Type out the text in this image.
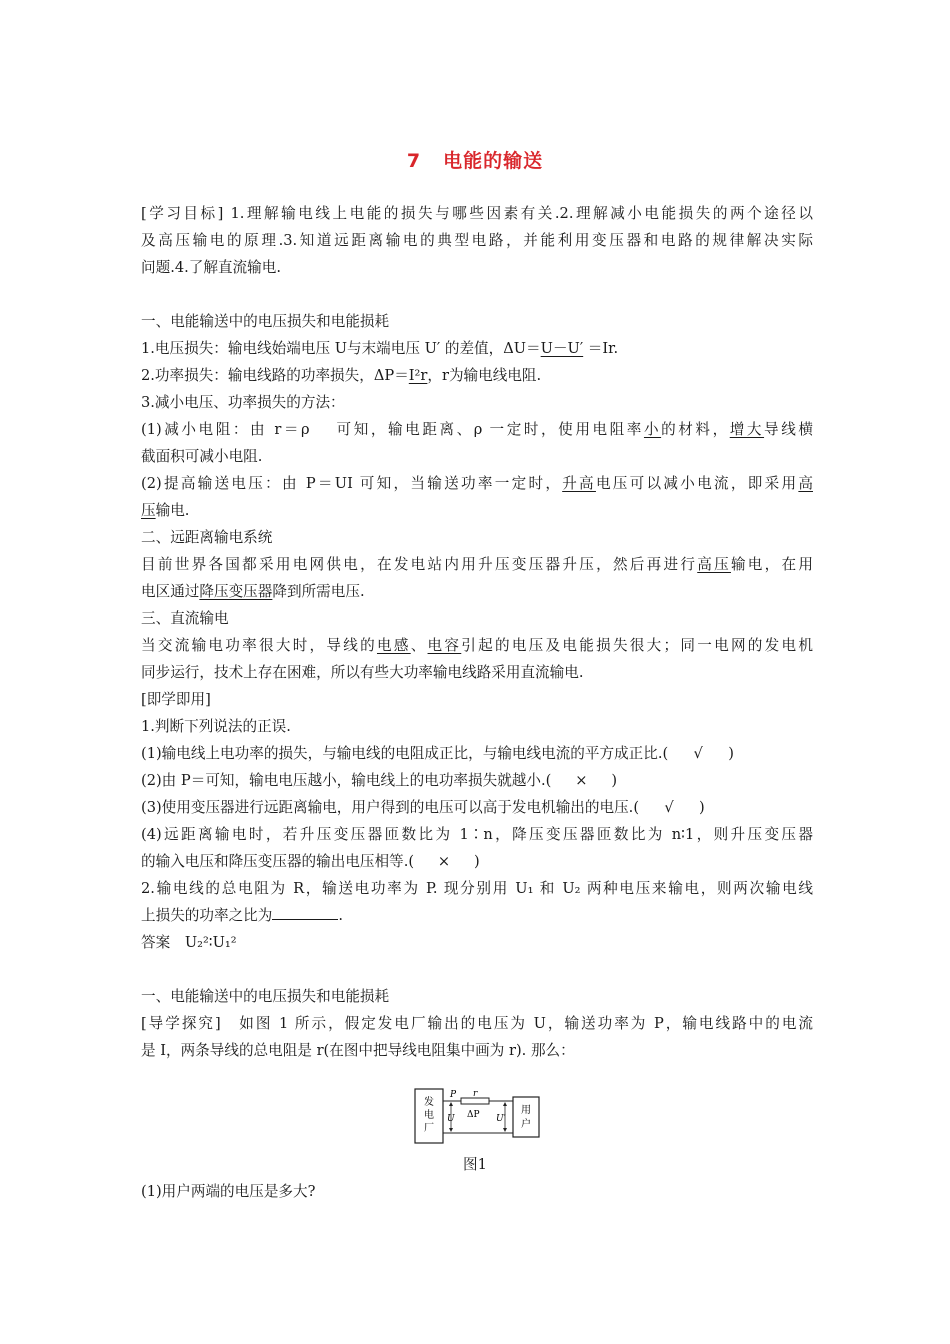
7 电能的输送

[学习目标] 1.理解输电线上电能的损失与哪些因素有关.2.理解减小电能损失的两个途径以

及高压输电的原理.3.知道远距离输电的典型电路，并能利用变压器和电路的规律解决实际

问题.4.了解直流输电.

一、电能输送中的电压损失和电能损耗

1.电压损失：输电线始端电压 U与末端电压 U′ 的差值，ΔU＝U－U′ ＝Ir.

2.功率损失：输电线路的功率损失，ΔP＝I²r，r为输电线电阻.

3.减小电压、功率损失的方法：

(1)减小电阻：由 r＝ρ　 可知，输电距离、ρ 一定时，使用电阻率小的材料，增大导线横

截面积可减小电阻.

(2)提高输送电压：由 P＝UI 可知，当输送功率一定时，升高电压可以减小电流，即采用高

压输电.

二、远距离输电系统

目前世界各国都采用电网供电，在发电站内用升压变压器升压，然后再进行高压输电，在用

电区通过降压变压器降到所需电压.

三、直流输电

当交流输电功率很大时，导线的电感、电容引起的电压及电能损失很大；同一电网的发电机

同步运行，技术上存在困难，所以有些大功率输电线路采用直流输电.

[即学即用]

1.判断下列说法的正误.

(1)输电线上电功率的损失，与输电线的电阻成正比，与输电线电流的平方成正比.( √ )

(2)由 P＝可知，输电电压越小，输电线上的电功率损失就越小.( × )

(3)使用变压器进行远距离输电，用户得到的电压可以高于发电机输出的电压.( √ )

(4)远距离输电时，若升压变压器匝数比为 1∶n，降压变压器匝数比为 n∶1，则升压变压器

的输入电压和降压变压器的输出电压相等.( × )

2.输电线的总电阻为 R，输送电功率为 P. 现分别用 U₁ 和 U₂ 两种电压来输电，则两次输电线

上损失的功率之比为	.

答案　 U₂²∶U₁²

一、电能输送中的电压损失和电能损耗

[导学探究]　如图 1 所示，假定发电厂输出的电压为 U，输送功率为 P，输电线路中的电流

是 I，两条导线的总电阻是 r(在图中把导线电阻集中画为 r). 那么：

发
电
厂
用
户
P r
U ΔP U′
图1
(1)用户两端的电压是多大?
